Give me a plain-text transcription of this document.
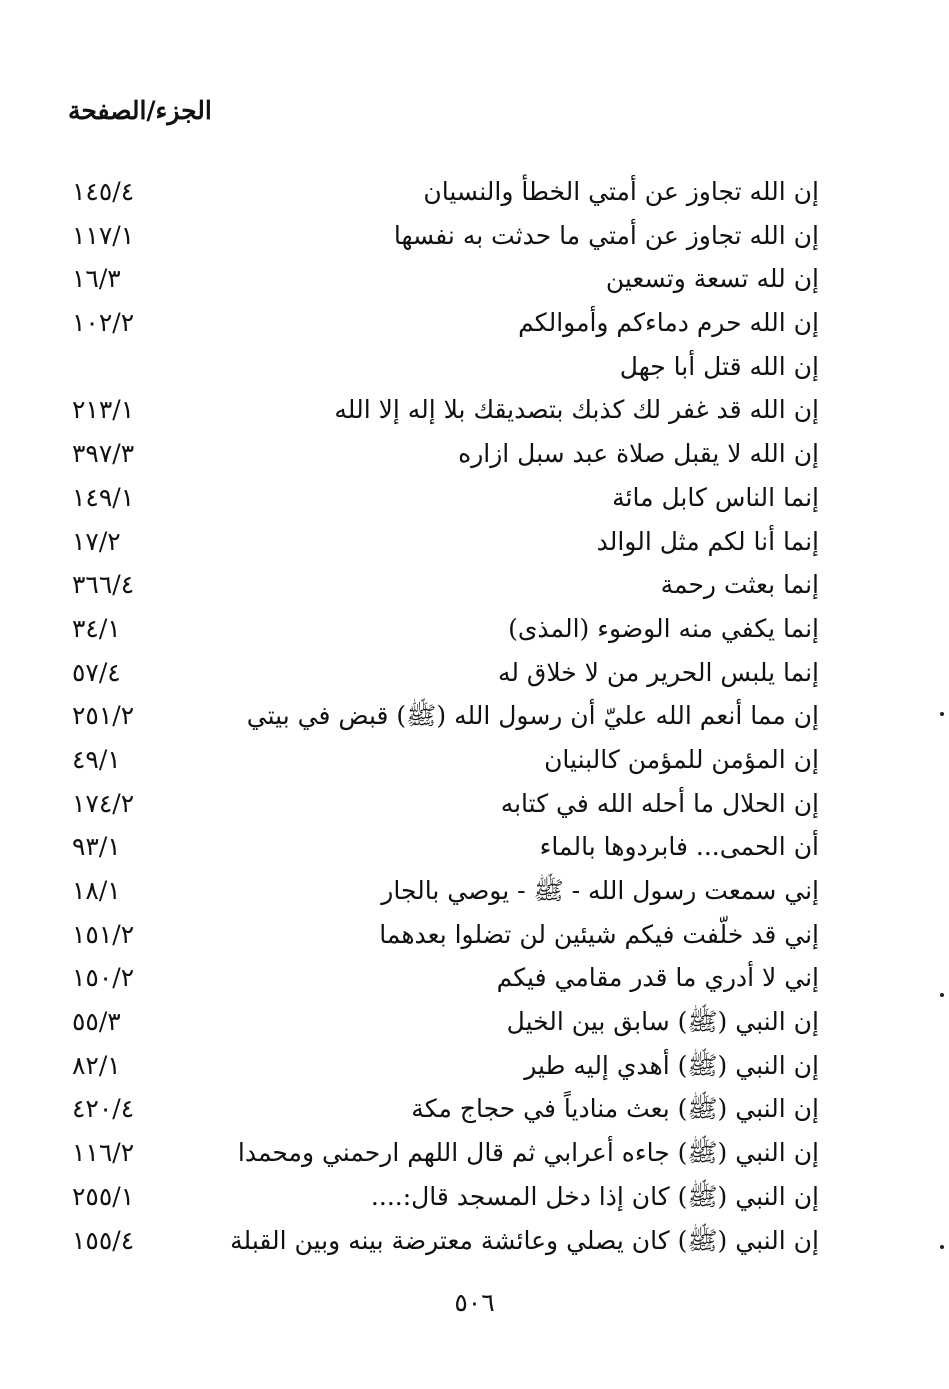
الجزء/الصفحة
إن الله تجاوز عن أمتي الخطأ والنسيان
١٤٥/٤
إن الله تجاوز عن أمتي ما حدثت به نفسها
١١٧/١
إن لله تسعة وتسعين
١٦/٣
إن الله حرم دماءكم وأموالكم
١٠٢/٢
إن الله قتل أبا جهل
إن الله قد غفر لك كذبك بتصديقك بلا إله إلا الله
٢١٣/١
إن الله لا يقبل صلاة عبد سبل ازاره
٣٩٧/٣
إنما الناس كابل مائة
١٤٩/١
إنما أنا لكم مثل الوالد
١٧/٢
إنما بعثت رحمة
٣٦٦/٤
إنما يكفي منه الوضوء (المذى)
٣٤/١
إنما يلبس الحرير من لا خلاق له
٥٧/٤
إن مما أنعم الله عليّ أن رسول الله (ﷺ) قبض في بيتي
٢٥١/٢
إن المؤمن للمؤمن كالبنيان
٤٩/١
إن الحلال ما أحله الله في كتابه
١٧٤/٢
أن الحمى... فابردوها بالماء
٩٣/١
إني سمعت رسول الله - ﷺ - يوصي بالجار
١٨/١
إني قد خلّفت فيكم شيئين لن تضلوا بعدهما
١٥١/٢
إني لا أدري ما قدر مقامي فيكم
١٥٠/٢
إن النبي (ﷺ) سابق بين الخيل
٥٥/٣
إن النبي (ﷺ) أهدي إليه طير
٨٢/١
إن النبي (ﷺ) بعث منادياً في حجاج مكة
٤٢٠/٤
إن النبي (ﷺ) جاءه أعرابي ثم قال اللهم ارحمني ومحمدا
١١٦/٢
إن النبي (ﷺ) كان إذا دخل المسجد قال:....
٢٥٥/١
إن النبي (ﷺ) كان يصلي وعائشة معترضة بينه وبين القبلة
١٥٥/٤
٥٠٦
